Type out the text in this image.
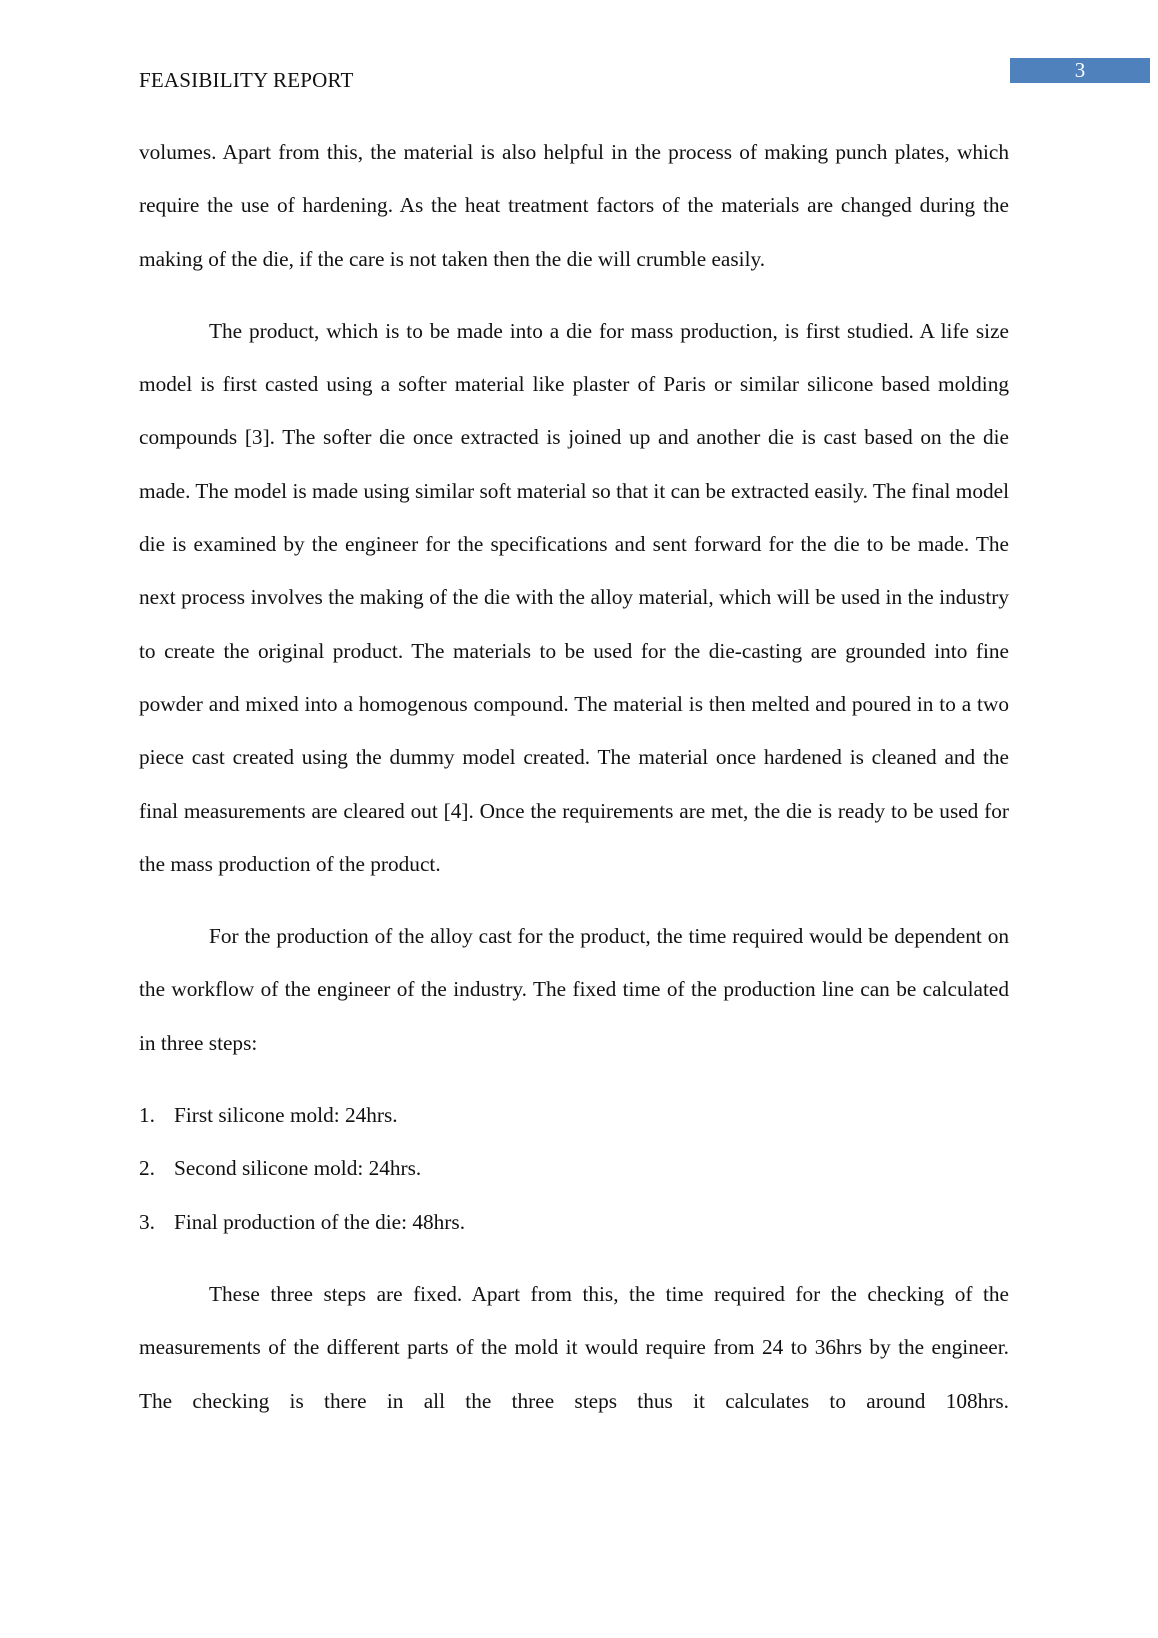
3
FEASIBILITY REPORT

volumes. Apart from this, the material is also helpful in the process of making punch plates, which require the use of hardening. As the heat treatment factors of the materials are changed during the making of the die, if the care is not taken then the die will crumble easily.

The product, which is to be made into a die for mass production, is first studied. A life size model is first casted using a softer material like plaster of Paris or similar silicone based molding compounds [3]. The softer die once extracted is joined up and another die is cast based on the die made. The model is made using similar soft material so that it can be extracted easily. The final model die is examined by the engineer for the specifications and sent forward for the die to be made. The next process involves the making of the die with the alloy material, which will be used in the industry to create the original product. The materials to be used for the die-casting are grounded into fine powder and mixed into a homogenous compound. The material is then melted and poured in to a two piece cast created using the dummy model created. The material once hardened is cleaned and the final measurements are cleared out [4]. Once the requirements are met, the die is ready to be used for the mass production of the product.

For the production of the alloy cast for the product, the time required would be dependent on the workflow of the engineer of the industry. The fixed time of the production line can be calculated in three steps:

1. First silicone mold: 24hrs.
2. Second silicone mold: 24hrs.
3. Final production of the die: 48hrs.

These three steps are fixed. Apart from this, the time required for the checking of the measurements of the different parts of the mold it would require from 24 to 36hrs by the engineer. The checking is there in all the three steps thus it calculates to around 108hrs.
